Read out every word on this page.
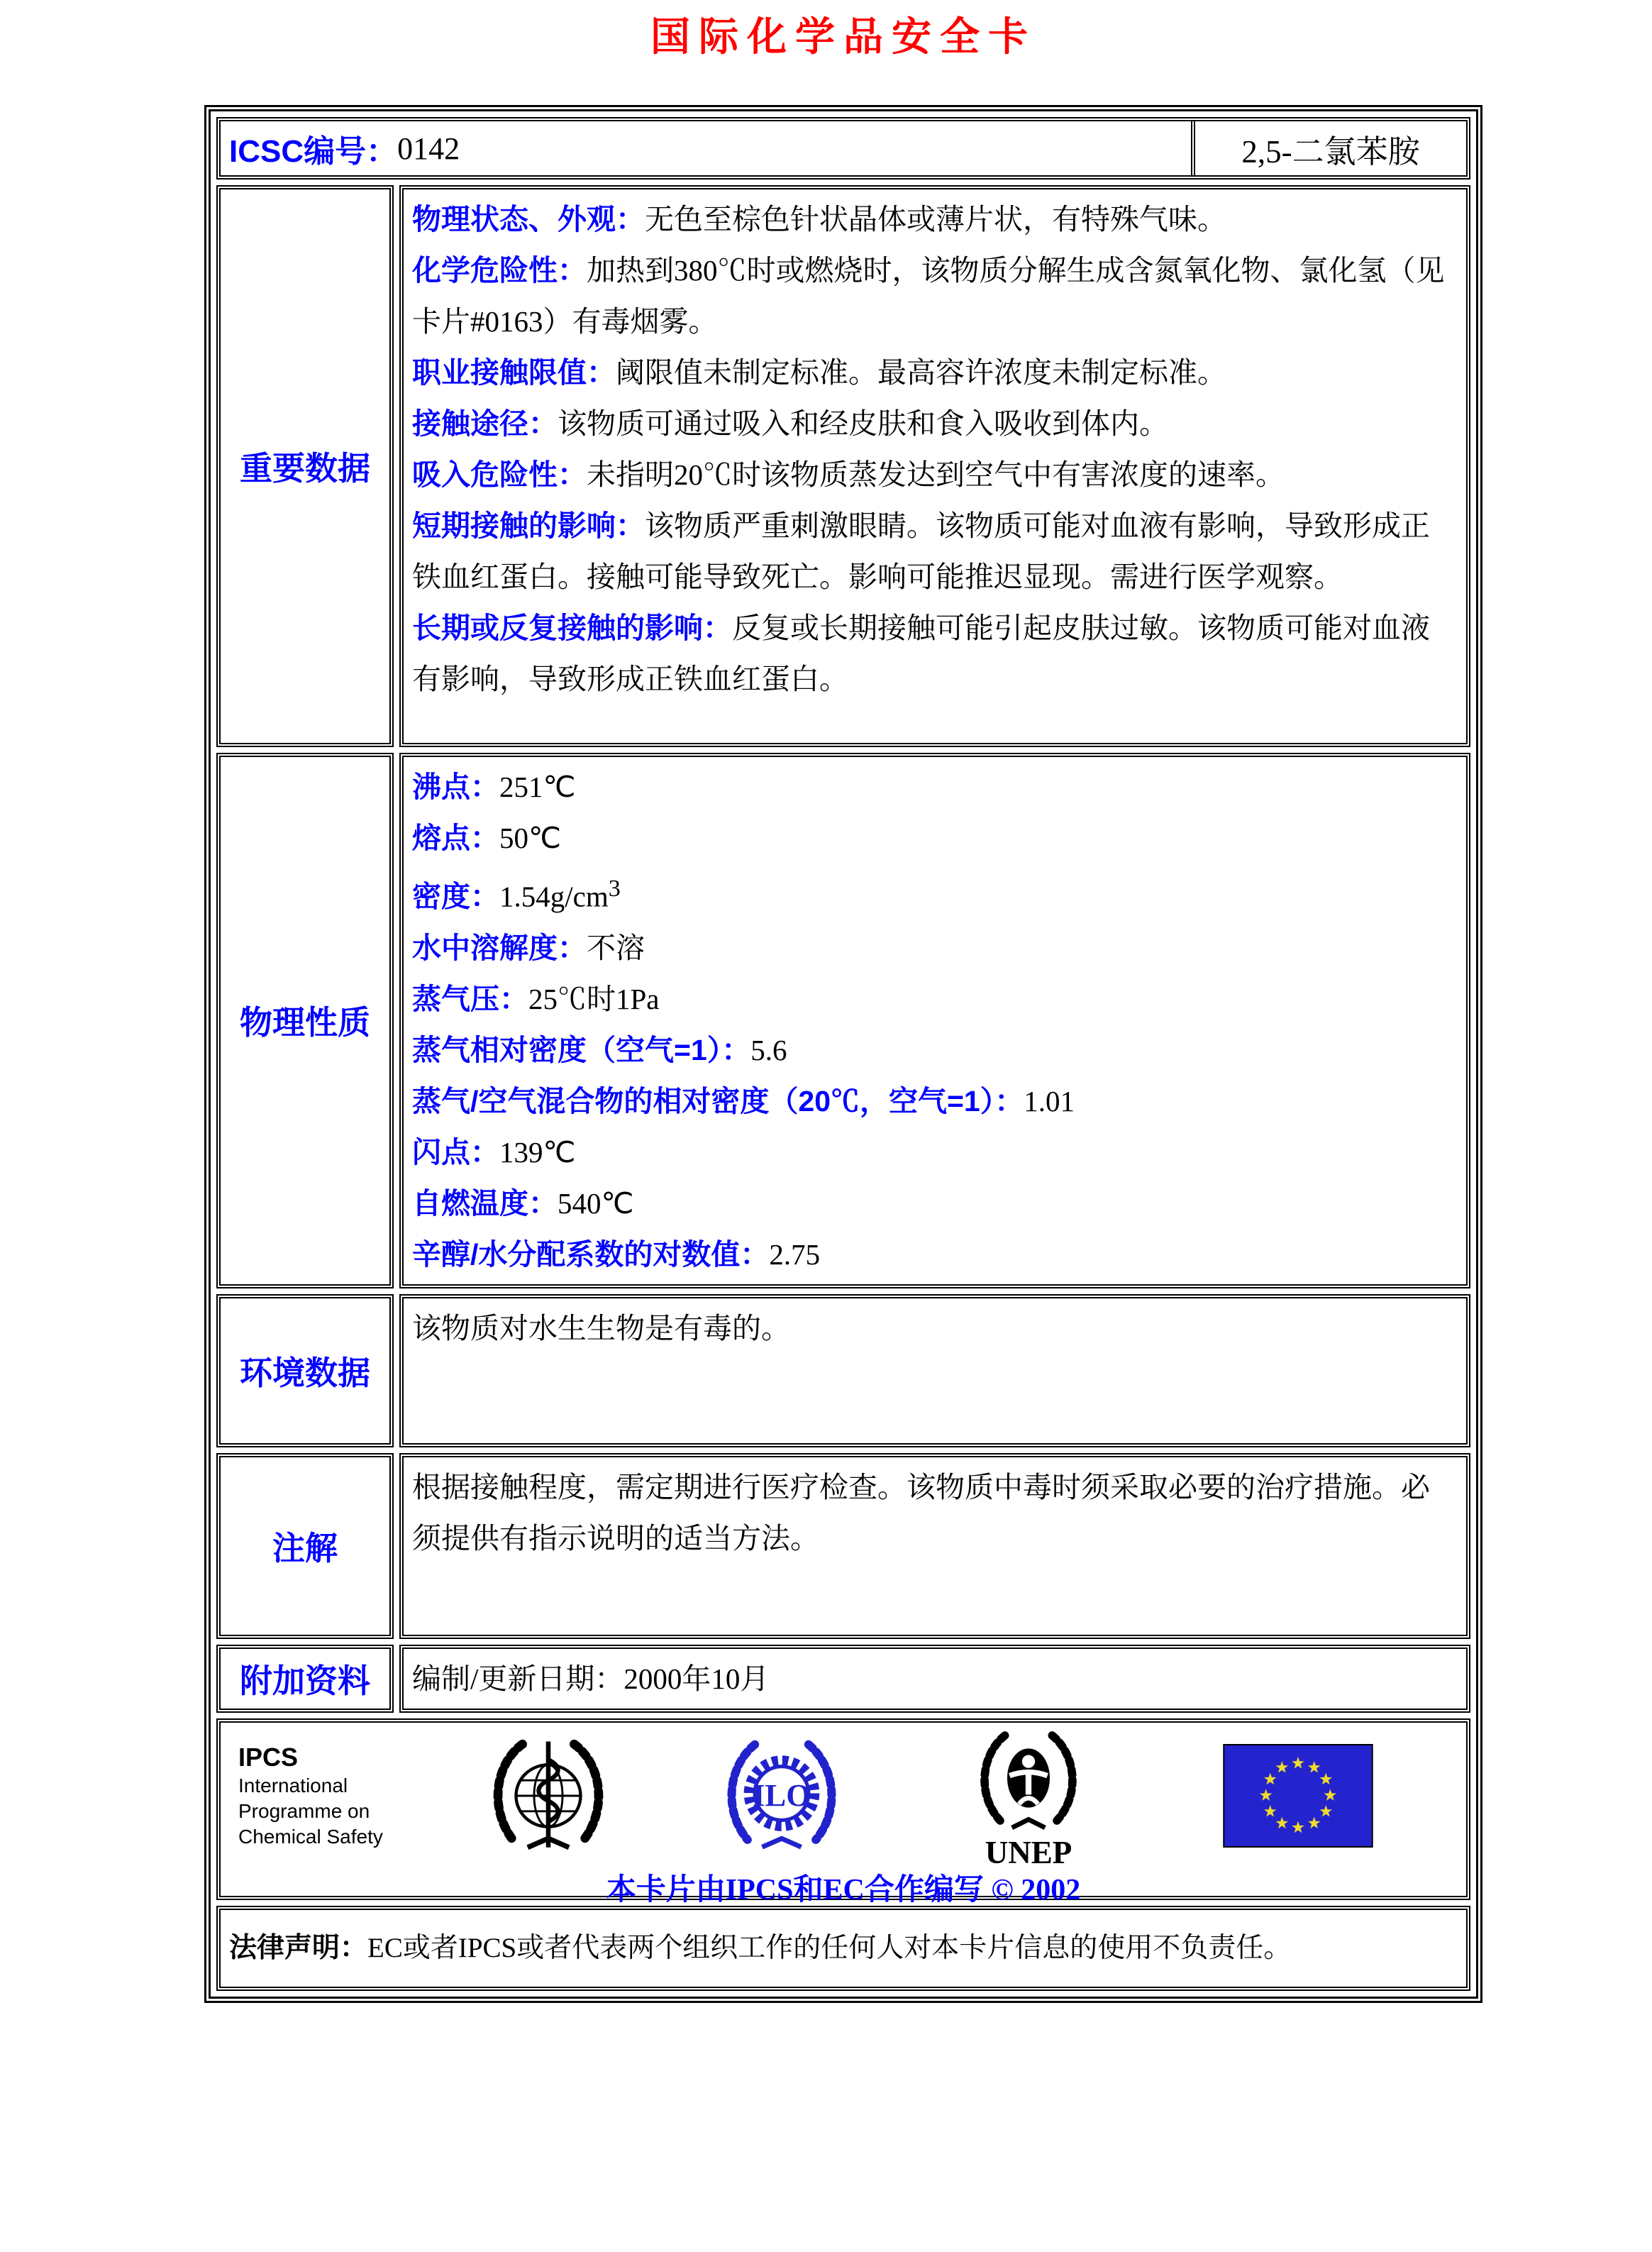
国际化学品安全卡
ICSC编号： 0142	2,5-二氯苯胺
重要数据
物理状态、外观：无色至棕色针状晶体或薄片状，有特殊气味。
化学危险性：加热到380℃时或燃烧时，该物质分解生成含氮氧化物、氯化氢（见卡片#0163）有毒烟雾。
职业接触限值：阈限值未制定标准。最高容许浓度未制定标准。
接触途径：该物质可通过吸入和经皮肤和食入吸收到体内。
吸入危险性：未指明20℃时该物质蒸发达到空气中有害浓度的速率。
短期接触的影响：该物质严重刺激眼睛。该物质可能对血液有影响，导致形成正铁血红蛋白。接触可能导致死亡。影响可能推迟显现。需进行医学观察。
长期或反复接触的影响：反复或长期接触可能引起皮肤过敏。该物质可能对血液有影响，导致形成正铁血红蛋白。
物理性质
沸点：251℃
熔点：50℃
密度：$1.54g/cm^3$
水中溶解度：不溶
蒸气压：25℃时1Pa
蒸气相对密度（空气=1）：5.6
蒸气/空气混合物的相对密度（20℃，空气=1）：1.01
闪点：139℃
自燃温度：540℃
辛醇/水分配系数的对数值：2.75
环境数据
该物质对水生生物是有毒的。
注解
根据接触程度，需定期进行医疗检查。该物质中毒时须采取必要的治疗措施。必须提供有指示说明的适当方法。
附加资料	编制/更新日期：2000年10月
IPCS
International
Programme on
Chemical Safety
ILO
UNEP
本卡片由IPCS和EC合作编写 © 2002
法律声明：EC或者IPCS或者代表两个组织工作的任何人对本卡片信息的使用不负责任。
